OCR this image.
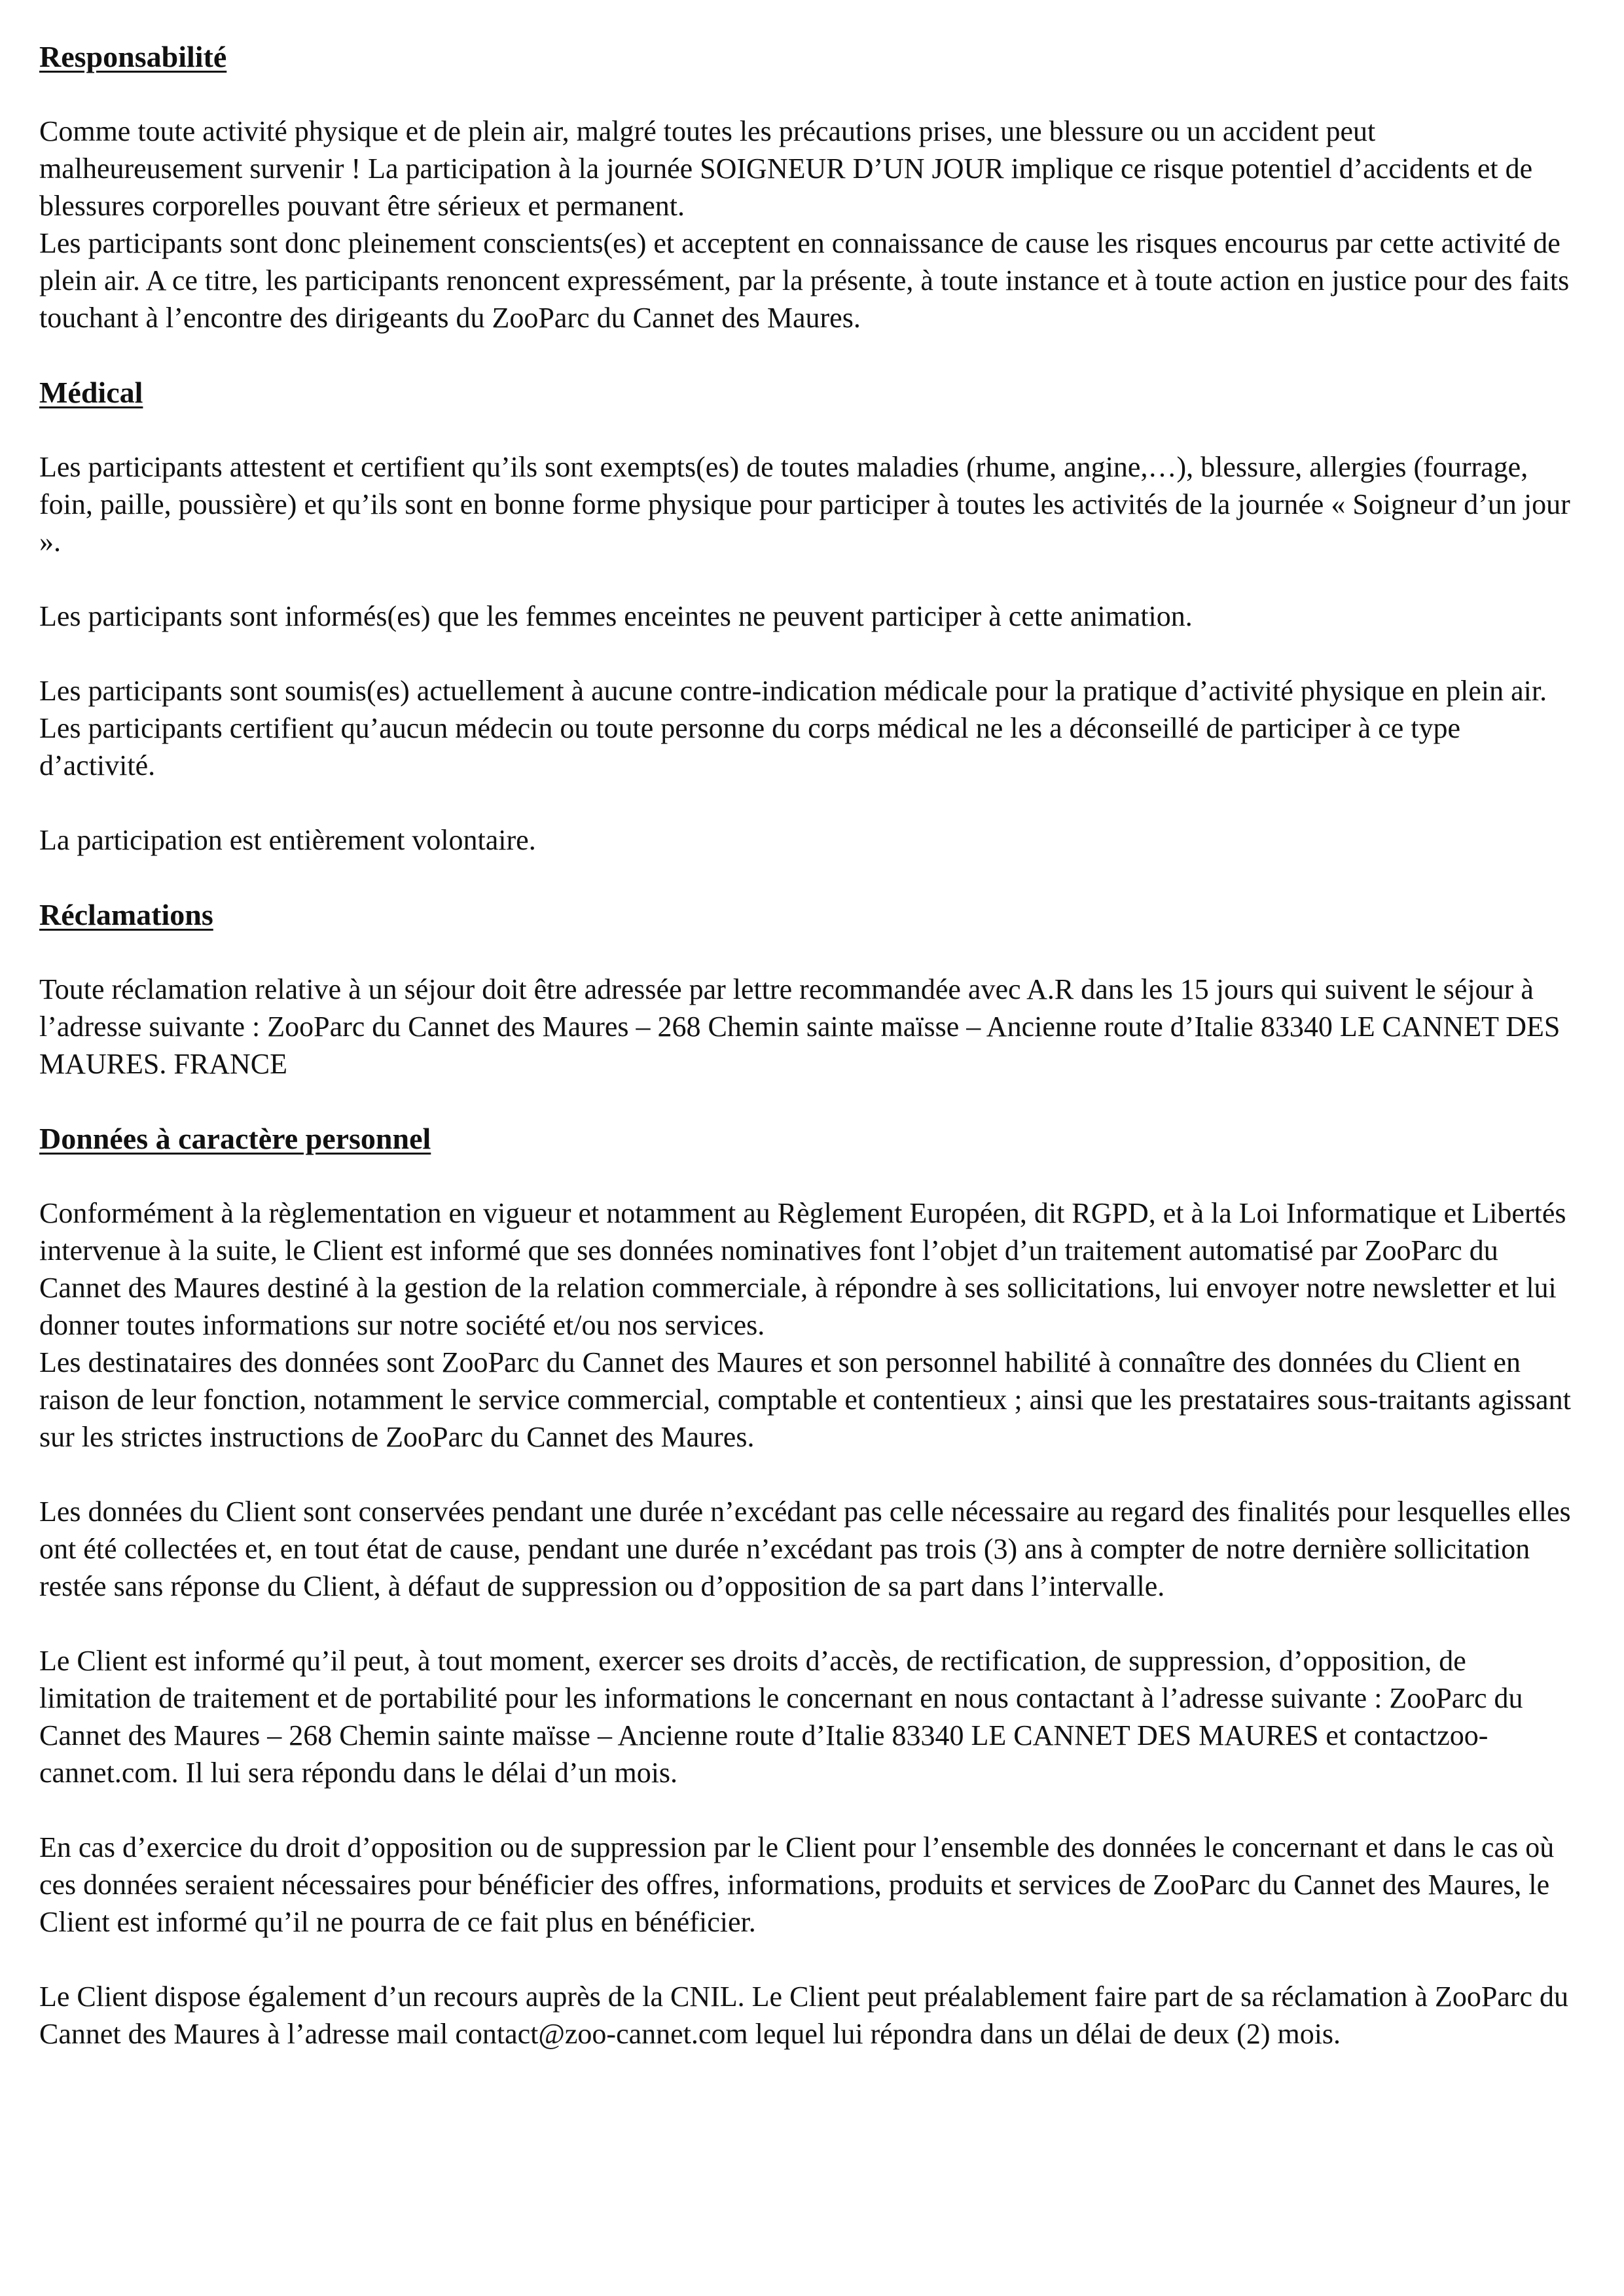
Responsabilité

Comme toute activité physique et de plein air, malgré toutes les précautions prises, une blessure ou un accident peut malheureusement survenir ! La participation à la journée SOIGNEUR D’UN JOUR implique ce risque potentiel d’accidents et de blessures corporelles pouvant être sérieux et permanent.

Les participants sont donc pleinement conscients(es) et acceptent en connaissance de cause les risques encourus par cette activité de plein air. A ce titre, les participants renoncent expressément, par la présente, à toute instance et à toute action en justice pour des faits touchant à l’encontre des dirigeants du ZooParc du Cannet des Maures.

Médical

Les participants attestent et certifient qu’ils sont exempts(es) de toutes maladies (rhume, angine,…), blessure, allergies (fourrage, foin, paille, poussière) et qu’ils sont en bonne forme physique pour participer à toutes les activités de la journée « Soigneur d’un jour ».

Les participants sont informés(es) que les femmes enceintes ne peuvent participer à cette animation.

Les participants sont soumis(es) actuellement à aucune contre-indication médicale pour la pratique d’activité physique en plein air. Les participants certifient qu’aucun médecin ou toute personne du corps médical ne les a déconseillé de participer à ce type d’activité.

La participation est entièrement volontaire.

Réclamations

Toute réclamation relative à un séjour doit être adressée par lettre recommandée avec A.R dans les 15 jours qui suivent le séjour à l’adresse suivante : ZooParc du Cannet des Maures – 268 Chemin sainte maïsse – Ancienne route d’Italie 83340 LE CANNET DES MAURES. FRANCE

Données à caractère personnel

Conformément à la règlementation en vigueur et notamment au Règlement Européen, dit RGPD, et à la Loi Informatique et Libertés intervenue à la suite, le Client est informé que ses données nominatives font l’objet d’un traitement automatisé par ZooParc du Cannet des Maures destiné à la gestion de la relation commerciale, à répondre à ses sollicitations, lui envoyer notre newsletter et lui donner toutes informations sur notre société et/ou nos services.

Les destinataires des données sont ZooParc du Cannet des Maures et son personnel habilité à connaître des données du Client en raison de leur fonction, notamment le service commercial, comptable et contentieux ; ainsi que les prestataires sous-traitants agissant sur les strictes instructions de ZooParc du Cannet des Maures.

Les données du Client sont conservées pendant une durée n’excédant pas celle nécessaire au regard des finalités pour lesquelles elles ont été collectées et, en tout état de cause, pendant une durée n’excédant pas trois (3) ans à compter de notre dernière sollicitation restée sans réponse du Client, à défaut de suppression ou d’opposition de sa part dans l’intervalle.

Le Client est informé qu’il peut, à tout moment, exercer ses droits d’accès, de rectification, de suppression, d’opposition, de limitation de traitement et de portabilité pour les informations le concernant en nous contactant à l’adresse suivante : ZooParc du Cannet des Maures – 268 Chemin sainte maïsse – Ancienne route d’Italie 83340 LE CANNET DES MAURES et contactzoo-cannet.com. Il lui sera répondu dans le délai d’un mois.

En cas d’exercice du droit d’opposition ou de suppression par le Client pour l’ensemble des données le concernant et dans le cas où ces données seraient nécessaires pour bénéficier des offres, informations, produits et services de ZooParc du Cannet des Maures, le Client est informé qu’il ne pourra de ce fait plus en bénéficier.

Le Client dispose également d’un recours auprès de la CNIL. Le Client peut préalablement faire part de sa réclamation à ZooParc du Cannet des Maures à l’adresse mail contact@zoo-cannet.com lequel lui répondra dans un délai de deux (2) mois.
